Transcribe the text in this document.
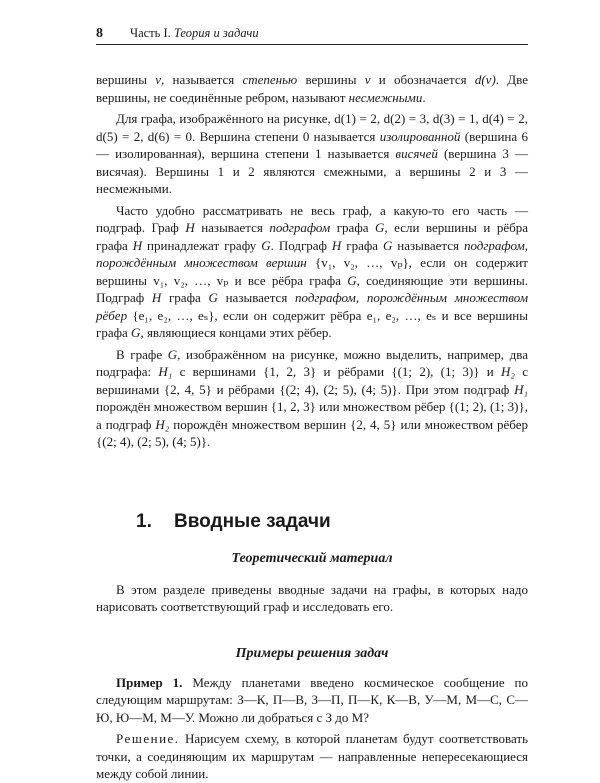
8	Часть I. Теория и задачи

вершины v, называется степенью вершины v и обозначается d(v). Две вершины, не соединённые ребром, называют несмежными.

Для графа, изображённого на рисунке, d(1) = 2, d(2) = 3, d(3) = 1, d(4) = 2, d(5) = 2, d(6) = 0. Вершина степени 0 называется изолированной (вершина 6 — изолированная), вершина степени 1 называется висячей (вершина 3 — висячая). Вершины 1 и 2 являются смежными, а вершины 2 и 3 — несмежными.

Часто удобно рассматривать не весь граф, а какую-то его часть — подграф. Граф H называется подграфом графа G, если вершины и рёбра графа H принадлежат графу G. Подграф H графа G называется подграфом, порождённым множеством вершин {v₁, v₂, …, vₚ}, если он содержит вершины v₁, v₂, …, vₚ и все рёбра графа G, соединяющие эти вершины. Подграф H графа G называется подграфом, порождённым множеством рёбер {e₁, e₂, …, eₛ}, если он содержит рёбра e₁, e₂, …, eₛ и все вершины графа G, являющиеся концами этих рёбер.

В графе G, изображённом на рисунке, можно выделить, например, два подграфа: H₁ с вершинами {1, 2, 3} и рёбрами {(1; 2), (1; 3)} и H₂ с вершинами {2, 4, 5} и рёбрами {(2; 4), (2; 5), (4; 5)}. При этом подграф H₁ порождён множеством вершин {1, 2, 3} или множеством рёбер {(1; 2), (1; 3)}, а подграф H₂ порождён множеством вершин {2, 4, 5} или множеством рёбер {(2; 4), (2; 5), (4; 5)}.

1. Вводные задачи
Теоретический материал

В этом разделе приведены вводные задачи на графы, в которых надо нарисовать соответствующий граф и исследовать его.

Примеры решения задач

Пример 1. Между планетами введено космическое сообщение по следующим маршрутам: З—К, П—В, З—П, П—К, К—В, У—М, М—С, С—Ю, Ю—М, М—У. Можно ли добраться с З до М?

Решение. Нарисуем схему, в которой планетам будут соответствовать точки, а соединяющим их маршрутам — направленные непересекающиеся между собой линии.
